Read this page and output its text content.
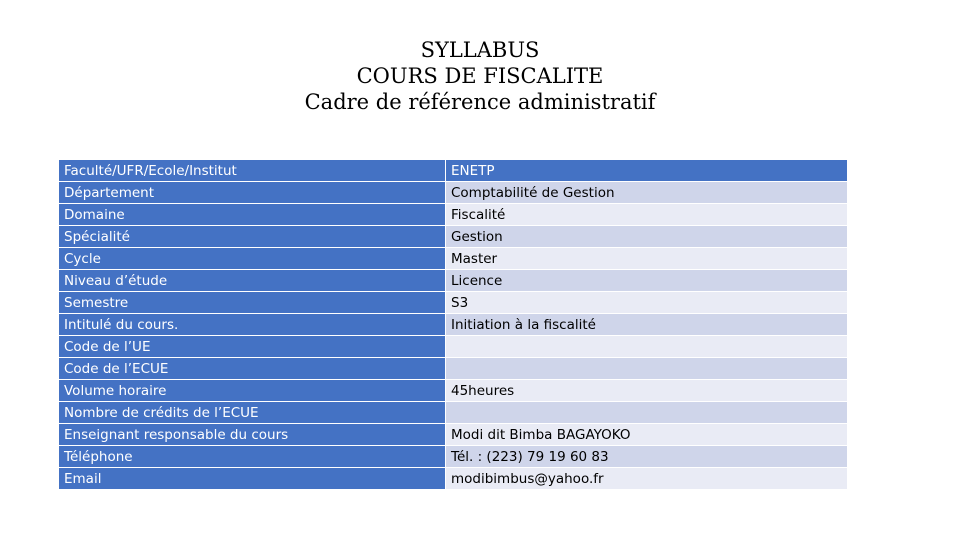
SYLLABUS
COURS DE FISCALITE
Cadre de référence administratif
Faculté/UFR/Ecole/Institut	ENETP
Département	Comptabilité de Gestion
Domaine	Fiscalité
Spécialité	Gestion
Cycle	Master
Niveau d’étude	Licence
Semestre	S3
Intitulé du cours.	Initiation à la fiscalité
Code de l’UE	
Code de l’ECUE	
Volume horaire	45heures
Nombre de crédits de l’ECUE	
Enseignant responsable du cours	Modi dit Bimba BAGAYOKO
Téléphone	Tél. : (223) 79 19 60 83
Email	modibimbus@yahoo.fr
